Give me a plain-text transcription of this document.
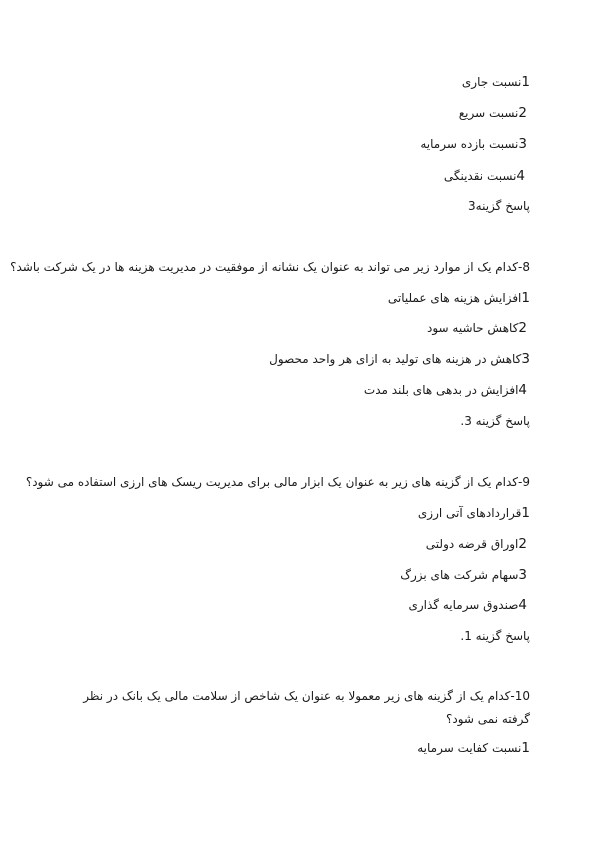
1نسبت جاری
2نسبت سریع
3نسبت بازده سرمایه
4نسبت نقدینگی
پاسخ گزینه3
8-کدام یک از موارد زیر می تواند به عنوان یک نشانه از موفقیت در مدیریت هزینه ها در یک شرکت باشد؟
1افزایش هزینه های عملیاتی
2کاهش حاشیه سود
3کاهش در هزینه های تولید به ازای هر واحد محصول
4افزایش در بدهی های بلند مدت
پاسخ گزینه 3.
9-کدام یک از گزینه های زیر به عنوان یک ابزار مالی برای مدیریت ریسک های ارزی استفاده می شود؟
1قراردادهای آتی ارزی
2اوراق قرضه دولتی
3سهام شرکت های بزرگ
4صندوق سرمایه گذاری
پاسخ گزینه 1.
10-کدام یک از گزینه های زیر معمولا به عنوان یک شاخص از سلامت مالی یک بانک در نظر گرفته نمی شود؟
1نسبت کفایت سرمایه
